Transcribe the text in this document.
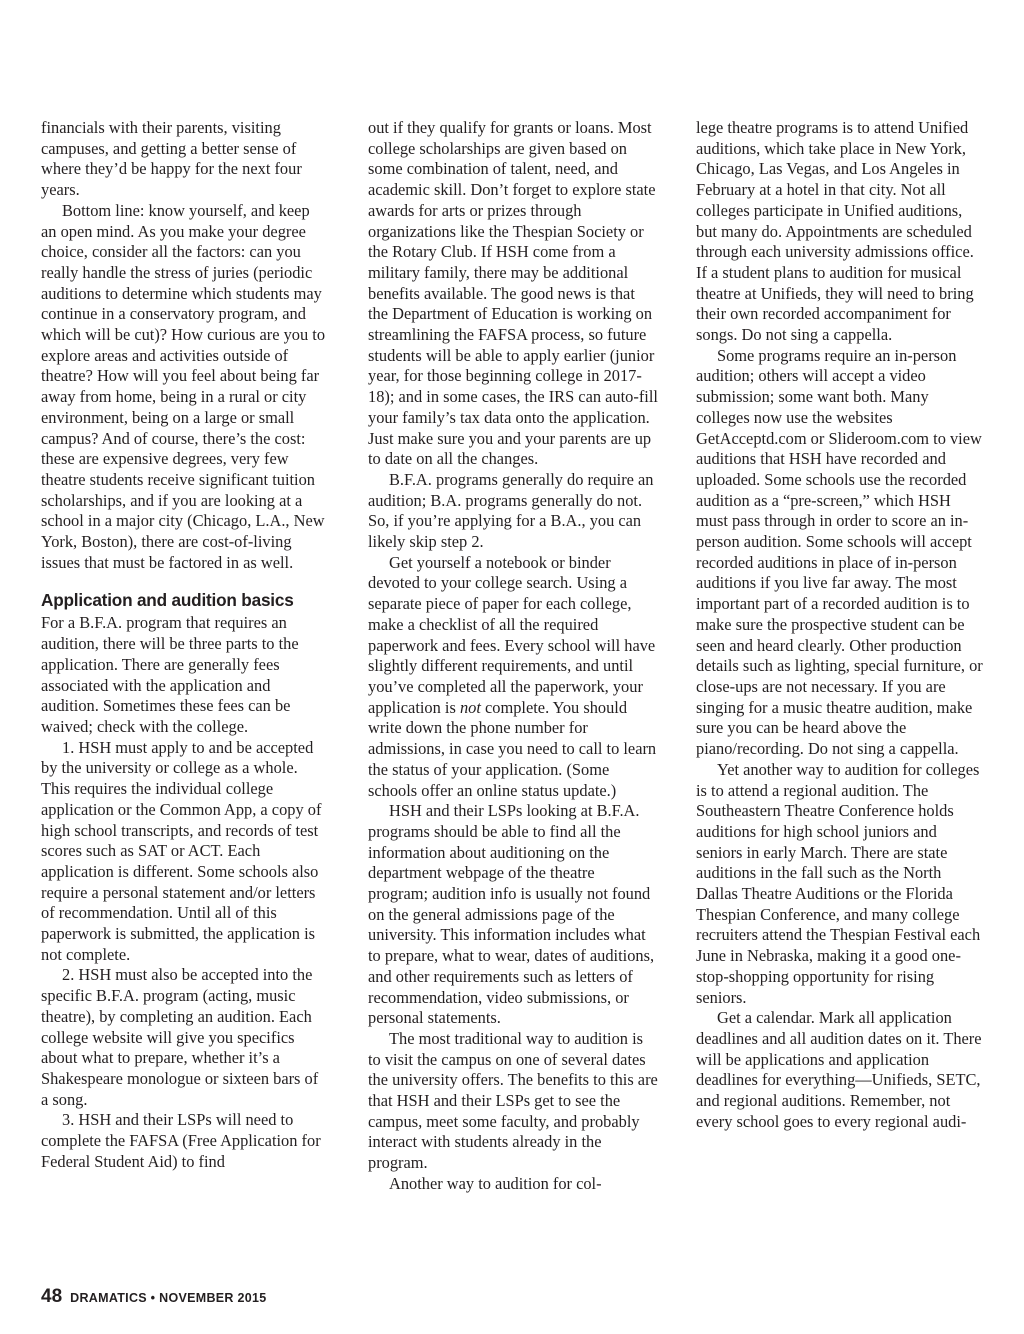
financials with their parents, visiting campuses, and getting a better sense of where they’d be happy for the next four years.

Bottom line: know yourself, and keep an open mind. As you make your degree choice, consider all the factors: can you really handle the stress of juries (periodic auditions to determine which students may continue in a conservatory program, and which will be cut)? How curious are you to explore areas and activities outside of theatre? How will you feel about being far away from home, being in a rural or city environment, being on a large or small campus? And of course, there’s the cost: these are expensive degrees, very few theatre students receive significant tuition scholarships, and if you are looking at a school in a major city (Chicago, L.A., New York, Boston), there are cost-of-living issues that must be factored in as well.

Application and audition basics

For a B.F.A. program that requires an audition, there will be three parts to the application. There are generally fees associated with the application and audition. Sometimes these fees can be waived; check with the college.

1. HSH must apply to and be accepted by the university or college as a whole. This requires the individual college application or the Common App, a copy of high school transcripts, and records of test scores such as SAT or ACT. Each application is different. Some schools also require a personal statement and/or letters of recommendation. Until all of this paperwork is submitted, the application is not complete.

2. HSH must also be accepted into the specific B.F.A. program (acting, music theatre), by completing an audition. Each college website will give you specifics about what to prepare, whether it’s a Shakespeare monologue or sixteen bars of a song.

3. HSH and their LSPs will need to complete the FAFSA (Free Application for Federal Student Aid) to find

out if they qualify for grants or loans. Most college scholarships are given based on some combination of talent, need, and academic skill. Don’t forget to explore state awards for arts or prizes through organizations like the Thespian Society or the Rotary Club. If HSH come from a military family, there may be additional benefits available. The good news is that the Department of Education is working on streamlining the FAFSA process, so future students will be able to apply earlier (junior year, for those beginning college in 2017-18); and in some cases, the IRS can auto-fill your family’s tax data onto the application. Just make sure you and your parents are up to date on all the changes.

B.F.A. programs generally do require an audition; B.A. programs generally do not. So, if you’re applying for a B.A., you can likely skip step 2.

Get yourself a notebook or binder devoted to your college search. Using a separate piece of paper for each college, make a checklist of all the required paperwork and fees. Every school will have slightly different requirements, and until you’ve completed all the paperwork, your application is not complete. You should write down the phone number for admissions, in case you need to call to learn the status of your application. (Some schools offer an online status update.)

HSH and their LSPs looking at B.F.A. programs should be able to find all the information about auditioning on the department webpage of the theatre program; audition info is usually not found on the general admissions page of the university. This information includes what to prepare, what to wear, dates of auditions, and other requirements such as letters of recommendation, video submissions, or personal statements.

The most traditional way to audition is to visit the campus on one of several dates the university offers. The benefits to this are that HSH and their LSPs get to see the campus, meet some faculty, and probably interact with students already in the program.

Another way to audition for col-

lege theatre programs is to attend Unified auditions, which take place in New York, Chicago, Las Vegas, and Los Angeles in February at a hotel in that city. Not all colleges participate in Unified auditions, but many do. Appointments are scheduled through each university admissions office. If a student plans to audition for musical theatre at Unifieds, they will need to bring their own recorded accompaniment for songs. Do not sing a cappella.

Some programs require an in-person audition; others will accept a video submission; some want both. Many colleges now use the websites GetAcceptd.com or Slideroom.com to view auditions that HSH have recorded and uploaded. Some schools use the recorded audition as a “pre-screen,” which HSH must pass through in order to score an in-person audition. Some schools will accept recorded auditions in place of in-person auditions if you live far away. The most important part of a recorded audition is to make sure the prospective student can be seen and heard clearly. Other production details such as lighting, special furniture, or close-ups are not necessary. If you are singing for a music theatre audition, make sure you can be heard above the piano/recording. Do not sing a cappella.

Yet another way to audition for colleges is to attend a regional audition. The Southeastern Theatre Conference holds auditions for high school juniors and seniors in early March. There are state auditions in the fall such as the North Dallas Theatre Auditions or the Florida Thespian Conference, and many college recruiters attend the Thespian Festival each June in Nebraska, making it a good one-stop-shopping opportunity for rising seniors.

Get a calendar. Mark all application deadlines and all audition dates on it. There will be applications and application deadlines for everything—Unifieds, SETC, and regional auditions. Remember, not every school goes to every regional audi-

48 DRAMATICS • NOVEMBER 2015
